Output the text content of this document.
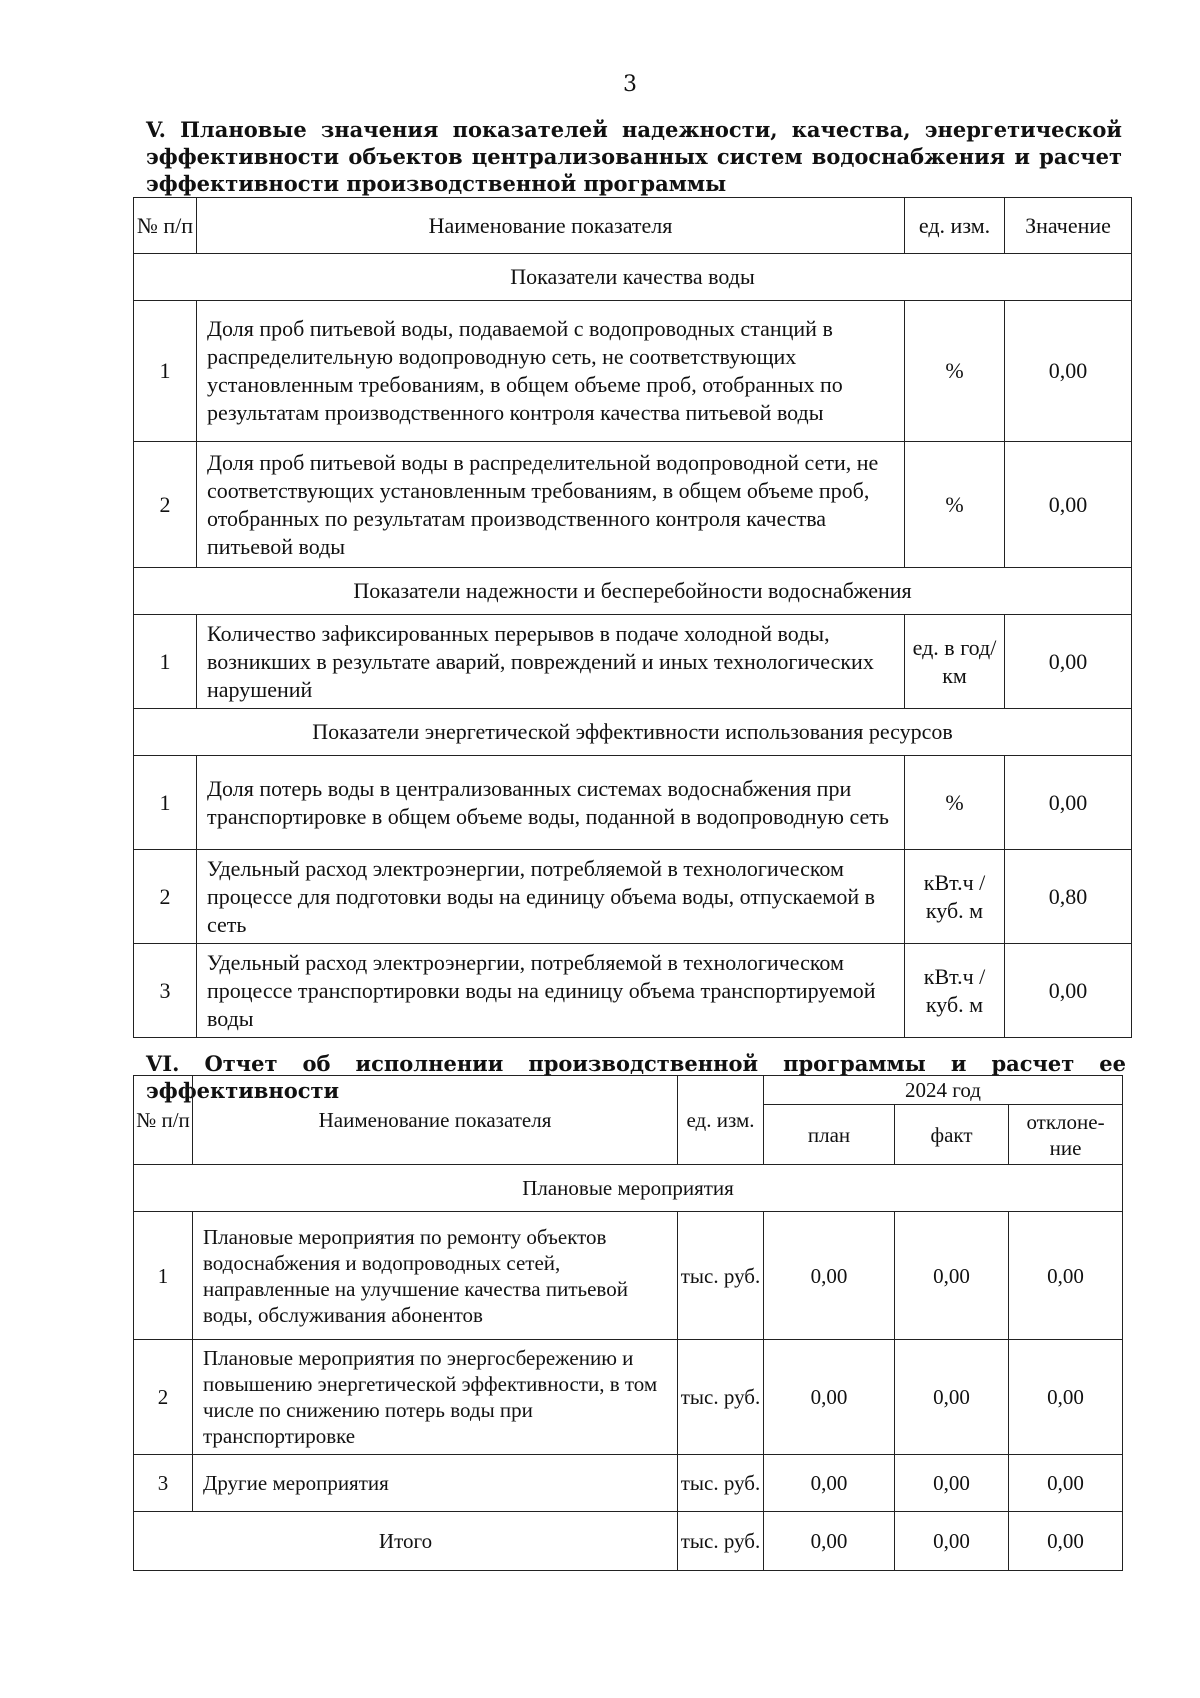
3
V. Плановые значения показателей надежности, качества, энергетической эффективности объектов централизованных систем водоснабжения и расчет эффективности производственной программы
№ п/п	Наименование показателя	ед. изм.	Значение
Показатели качества воды			
1	Доля проб питьевой воды, подаваемой с водопроводных станций в распределительную водопроводную сеть, не соответствующих установленным требованиям, в общем объеме проб, отобранных по результатам производственного контроля качества питьевой воды	%	0,00
2	Доля проб питьевой воды в распределительной водопроводной сети, не соответствующих установленным требованиям, в общем объеме проб, отобранных по результатам производственного контроля качества питьевой воды	%	0,00
Показатели надежности и бесперебойности водоснабжения			
1	Количество зафиксированных перерывов в подаче холодной воды, возникших в результате аварий, повреждений и иных технологических нарушений	ед. в год/ км	0,00
Показатели энергетической эффективности использования ресурсов			
1	Доля потерь воды в централизованных системах водоснабжения при транспортировке в общем объеме воды, поданной в водопроводную сеть	%	0,00
2	Удельный расход электроэнергии, потребляемой в технологическом процессе для подготовки воды на единицу объема воды, отпускаемой в сеть	кВт.ч / куб. м	0,80
3	Удельный расход электроэнергии, потребляемой в технологическом процессе транспортировки воды на единицу объема транспортируемой воды	кВт.ч / куб. м	0,00
VI. Отчет об исполнении производственной программы и расчет ее эффективности
№ п/п	Наименование показателя	ед. изм.	2024 год		
			план	факт	отклоне- ние
Плановые мероприятия					
1	Плановые мероприятия по ремонту объектов водоснабжения и водопроводных сетей, направленные на улучшение качества питьевой воды, обслуживания абонентов	тыс. руб.	0,00	0,00	0,00
2	Плановые мероприятия по энергосбережению и повышению энергетической эффективности, в том числе по снижению потерь воды при транспортировке	тыс. руб.	0,00	0,00	0,00
3	Другие мероприятия	тыс. руб.	0,00	0,00	0,00
Итого		тыс. руб.	0,00	0,00	0,00
